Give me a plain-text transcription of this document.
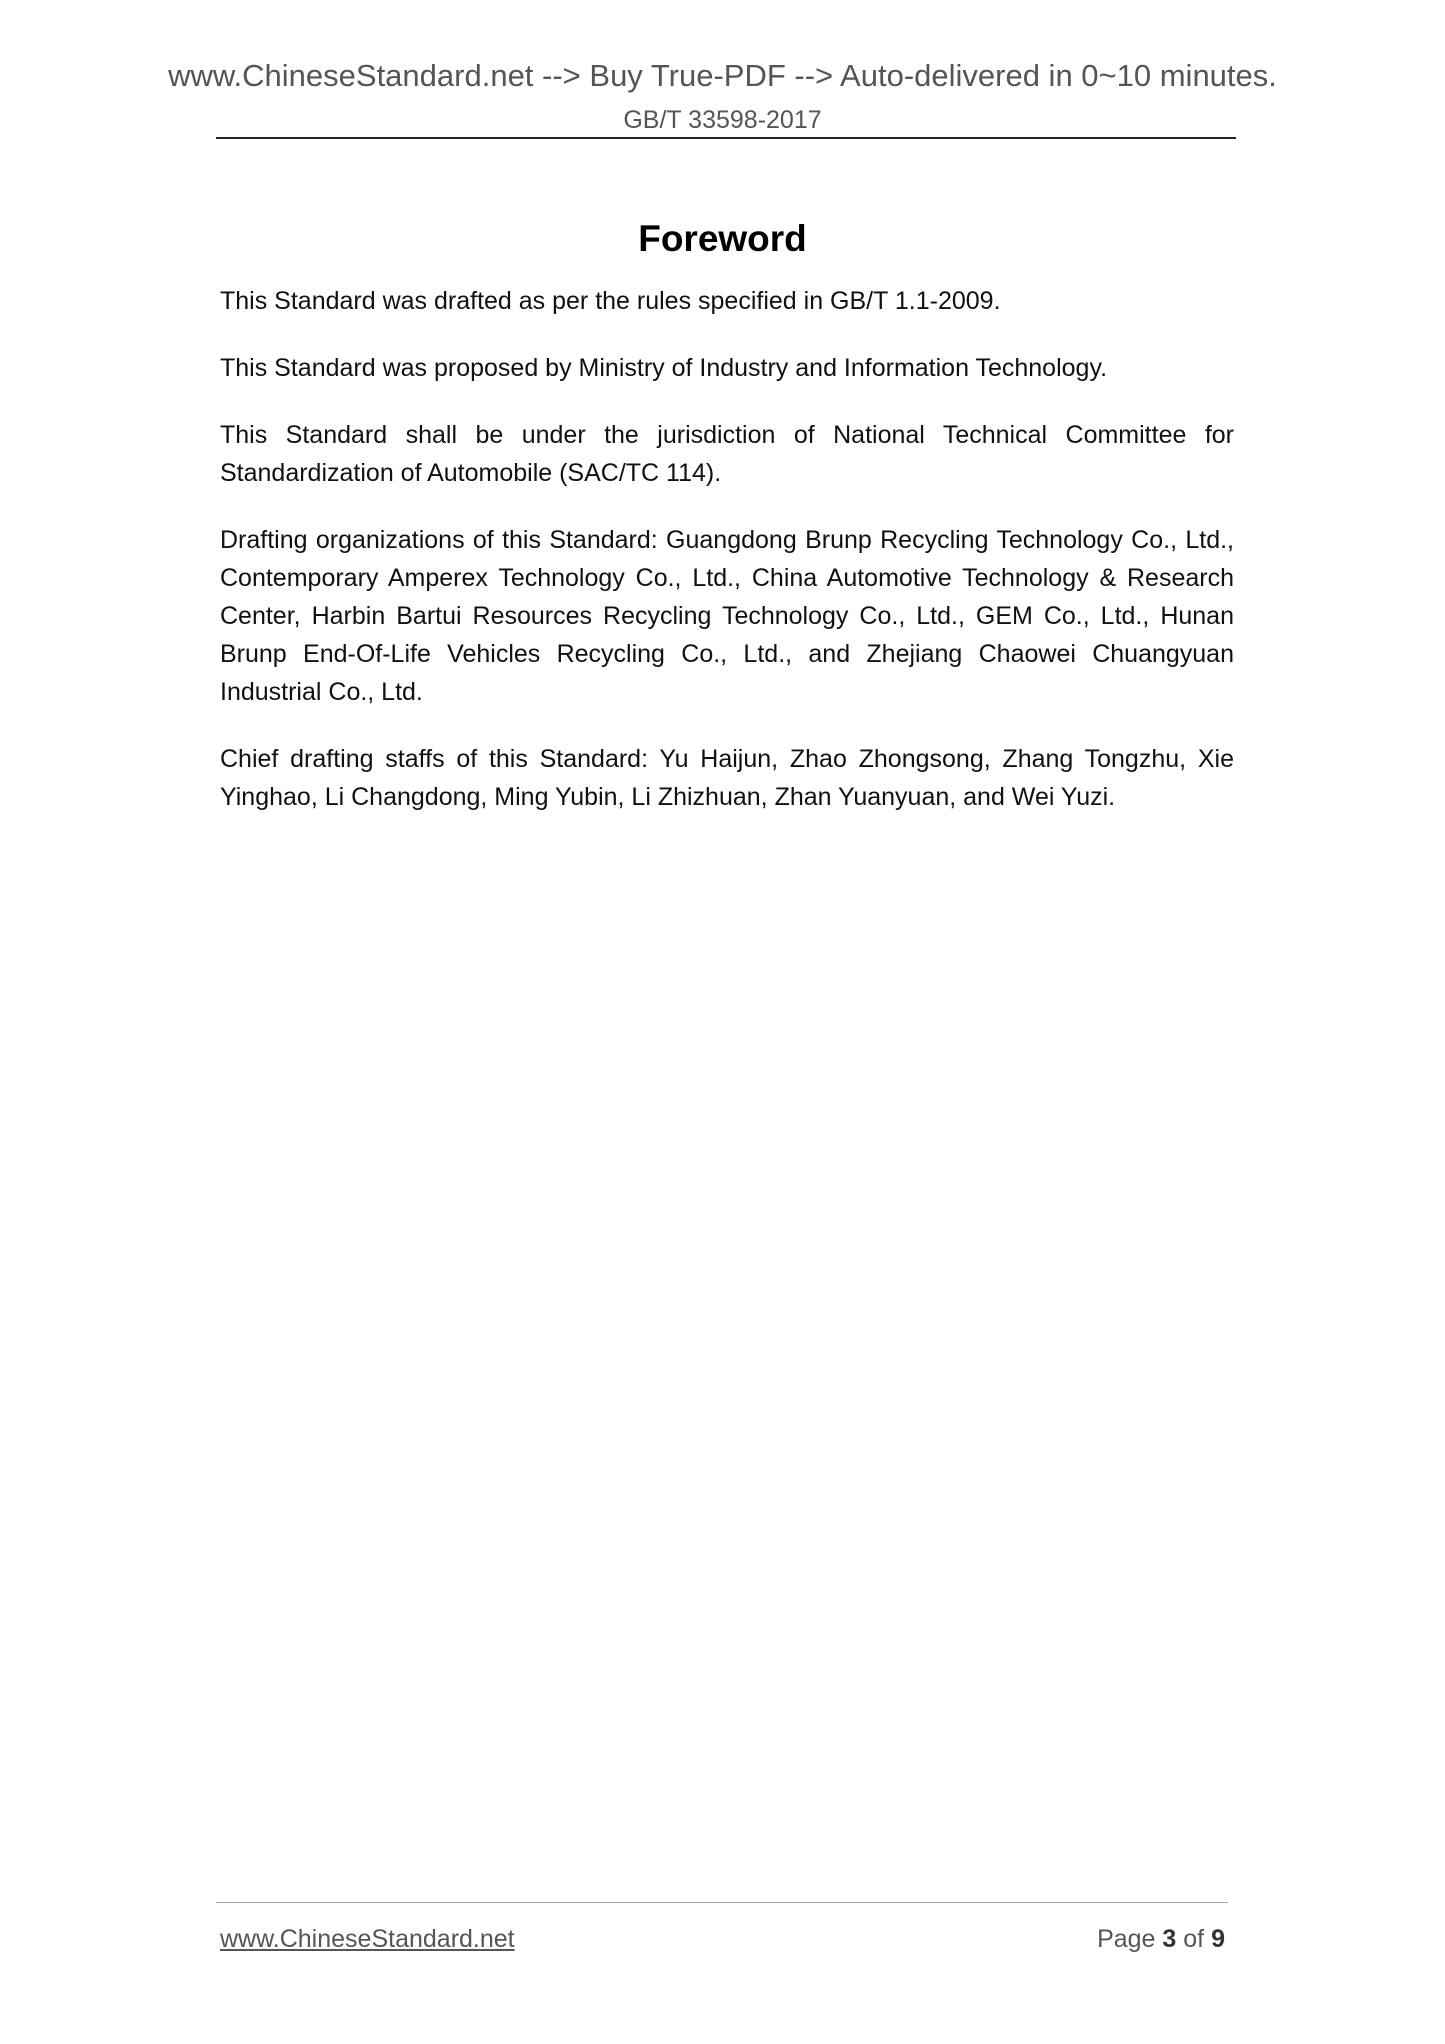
www.ChineseStandard.net --> Buy True-PDF --> Auto-delivered in 0~10 minutes.
GB/T 33598-2017
Foreword

This Standard was drafted as per the rules specified in GB/T 1.1-2009.

This Standard was proposed by Ministry of Industry and Information Technology.

This Standard shall be under the jurisdiction of National Technical Committee for Standardization of Automobile (SAC/TC 114).

Drafting organizations of this Standard: Guangdong Brunp Recycling Technology Co., Ltd., Contemporary Amperex Technology Co., Ltd., China Automotive Technology & Research Center, Harbin Bartui Resources Recycling Technology Co., Ltd., GEM Co., Ltd., Hunan Brunp End-Of-Life Vehicles Recycling Co., Ltd., and Zhejiang Chaowei Chuangyuan Industrial Co., Ltd.

Chief drafting staffs of this Standard: Yu Haijun, Zhao Zhongsong, Zhang Tongzhu, Xie Yinghao, Li Changdong, Ming Yubin, Li Zhizhuan, Zhan Yuanyuan, and Wei Yuzi.

www.ChineseStandard.net	Page 3 of 9
